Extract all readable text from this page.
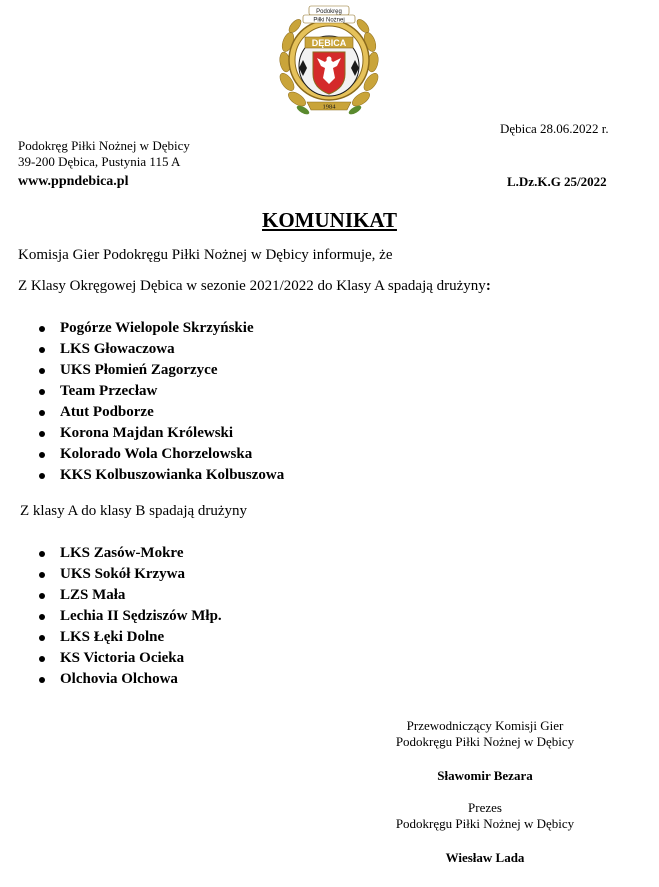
Podokręg
Piłki Nożnej
DĘBICA
1984
Dębica 28.06.2022 r.
Podokręg Piłki Nożnej w Dębicy
39-200 Dębica, Pustynia 115 A
www.ppndebica.pl	L.Dz.K.G 25/2022
KOMUNIKAT
Komisja Gier Podokręgu Piłki Nożnej w Dębicy informuje, że
Z Klasy Okręgowej Dębica w sezonie 2021/2022 do Klasy A spadają drużyny:
Pogórze Wielopole Skrzyńskie
LKS Głowaczowa
UKS Płomień Zagorzyce
Team Przecław
Atut Podborze
Korona Majdan Królewski
Kolorado Wola Chorzelowska
KKS Kolbuszowianka Kolbuszowa
Z klasy A do klasy B spadają drużyny
LKS Zasów-Mokre
UKS Sokół Krzywa
LZS Mała
Lechia II Sędziszów Młp.
LKS Łęki Dolne
KS Victoria Ocieka
Olchovia Olchowa
Przewodniczący Komisji Gier
Podokręgu Piłki Nożnej w Dębicy
Sławomir Bezara
Prezes
Podokręgu Piłki Nożnej w Dębicy
Wiesław Lada
